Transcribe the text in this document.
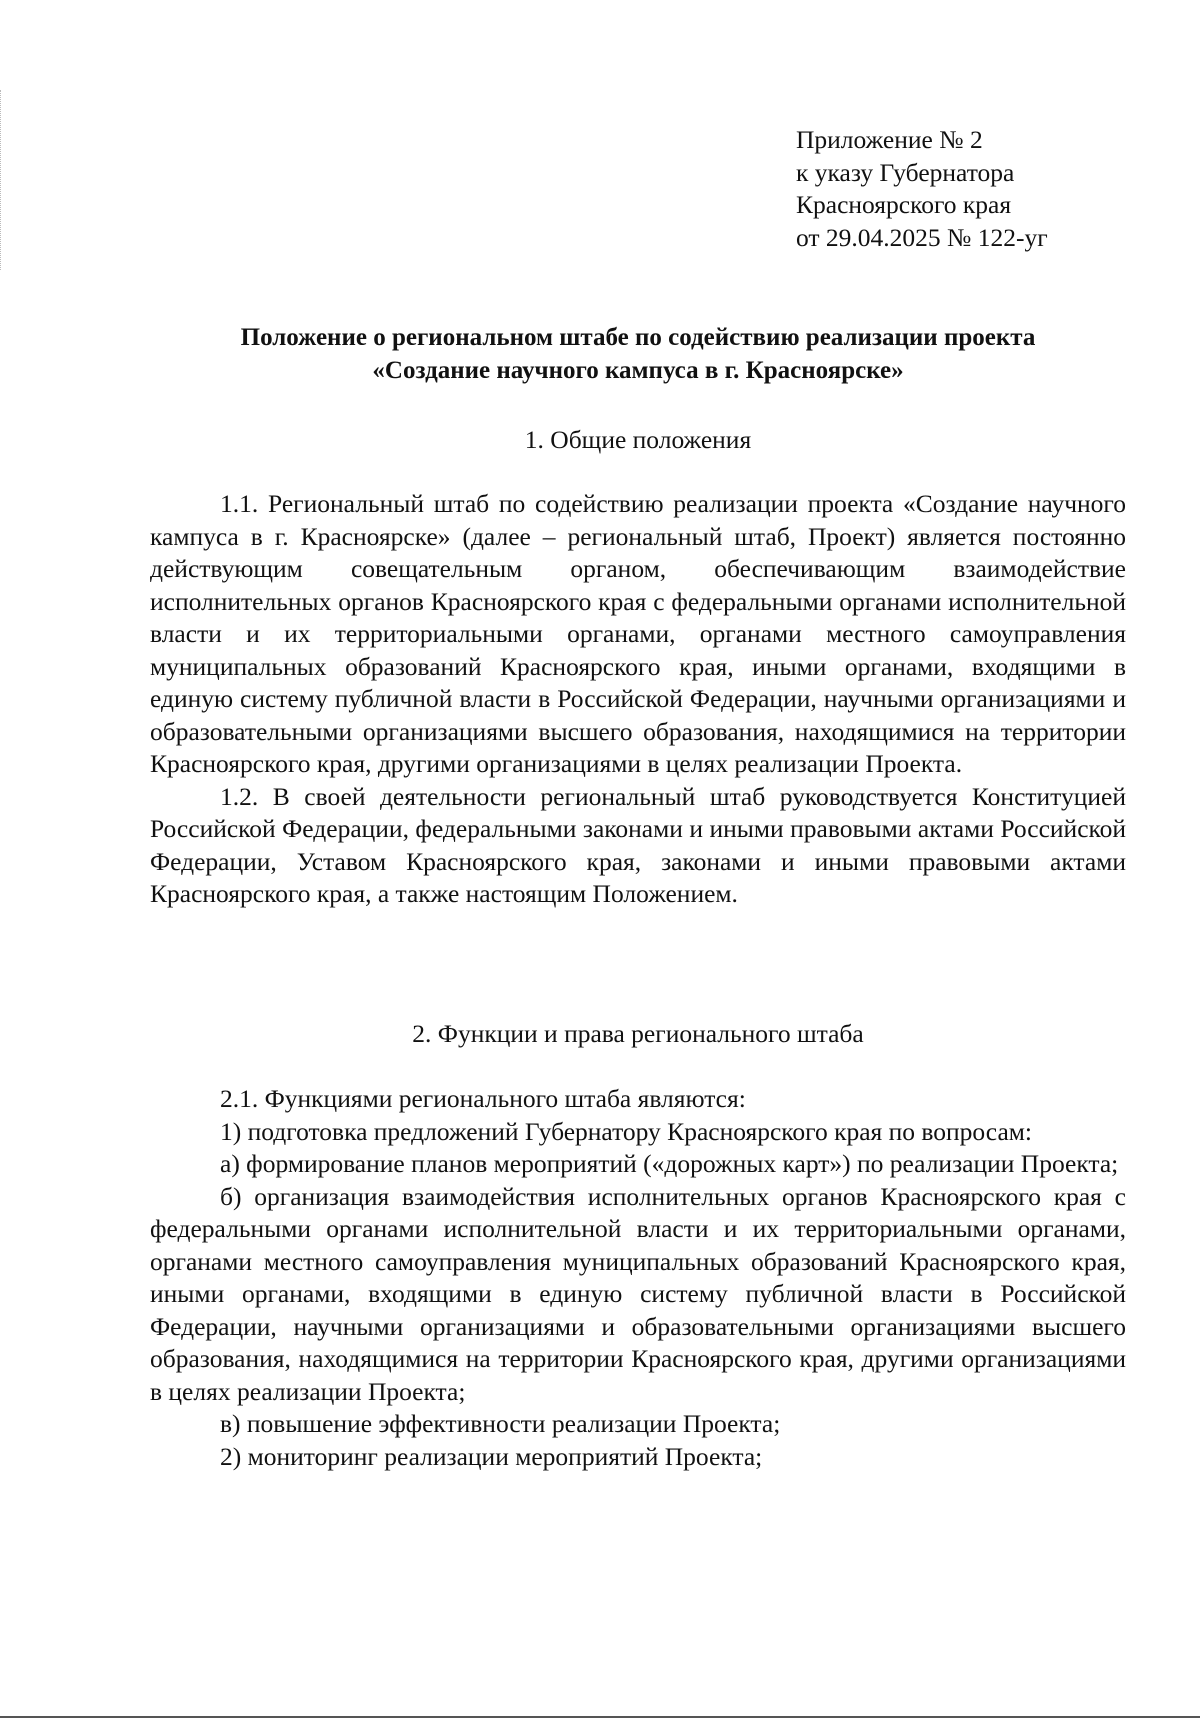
Приложение № 2
к указу Губернатора
Красноярского края
от 29.04.2025 № 122-уг
Положение о региональном штабе по содействию реализации проекта
«Создание научного кампуса в г. Красноярске»
1. Общие положения

1.1. Региональный штаб по содействию реализации проекта «Создание научного кампуса в г. Красноярске» (далее – региональный штаб, Проект) является постоянно действующим совещательным органом, обеспечивающим взаимодействие исполнительных органов Красноярского края с федеральными органами исполнительной власти и их территориальными органами, органами местного самоуправления муниципальных образований Красноярского края, иными органами, входящими в единую систему публичной власти в Российской Федерации, научными организациями и образовательными организациями высшего образования, находящимися на территории Красноярского края, другими организациями в целях реализации Проекта.

1.2. В своей деятельности региональный штаб руководствуется Конституцией Российской Федерации, федеральными законами и иными правовыми актами Российской Федерации, Уставом Красноярского края, законами и иными правовыми актами Красноярского края, а также настоящим Положением.

2. Функции и права регионального штаба

2.1. Функциями регионального штаба являются:

1) подготовка предложений Губернатору Красноярского края по вопросам:

а) формирование планов мероприятий («дорожных карт») по реализации Проекта;

б) организация взаимодействия исполнительных органов Красноярского края с федеральными органами исполнительной власти и их территориальными органами, органами местного самоуправления муниципальных образований Красноярского края, иными органами, входящими в единую систему публичной власти в Российской Федерации, научными организациями и образовательными организациями высшего образования, находящимися на территории Красноярского края, другими организациями в целях реализации Проекта;

в) повышение эффективности реализации Проекта;

2) мониторинг реализации мероприятий Проекта;
